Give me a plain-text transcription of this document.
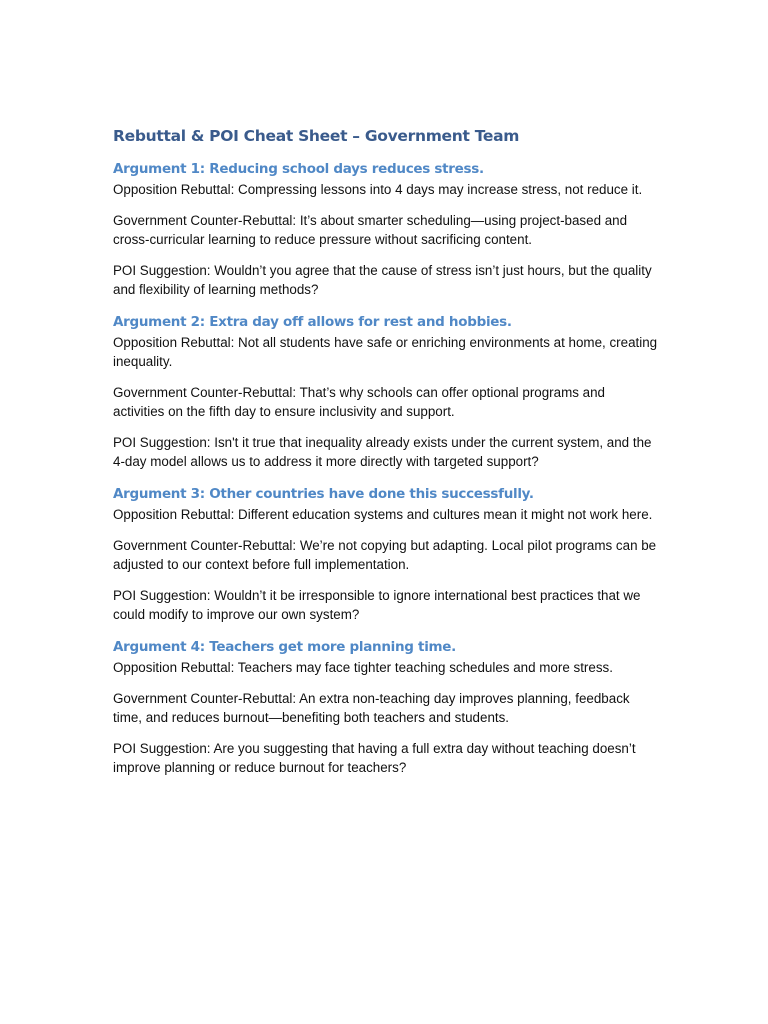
Rebuttal & POI Cheat Sheet – Government Team
Argument 1: Reducing school days reduces stress.

Opposition Rebuttal: Compressing lessons into 4 days may increase stress, not reduce it.

Government Counter-Rebuttal: It’s about smarter scheduling—using project-based and cross-curricular learning to reduce pressure without sacrificing content.

POI Suggestion: Wouldn’t you agree that the cause of stress isn’t just hours, but the quality and flexibility of learning methods?

Argument 2: Extra day off allows for rest and hobbies.

Opposition Rebuttal: Not all students have safe or enriching environments at home, creating inequality.

Government Counter-Rebuttal: That’s why schools can offer optional programs and activities on the fifth day to ensure inclusivity and support.

POI Suggestion: Isn't it true that inequality already exists under the current system, and the 4-day model allows us to address it more directly with targeted support?

Argument 3: Other countries have done this successfully.

Opposition Rebuttal: Different education systems and cultures mean it might not work here.

Government Counter-Rebuttal: We’re not copying but adapting. Local pilot programs can be adjusted to our context before full implementation.

POI Suggestion: Wouldn’t it be irresponsible to ignore international best practices that we could modify to improve our own system?

Argument 4: Teachers get more planning time.

Opposition Rebuttal: Teachers may face tighter teaching schedules and more stress.

Government Counter-Rebuttal: An extra non-teaching day improves planning, feedback time, and reduces burnout—benefiting both teachers and students.

POI Suggestion: Are you suggesting that having a full extra day without teaching doesn’t improve planning or reduce burnout for teachers?
